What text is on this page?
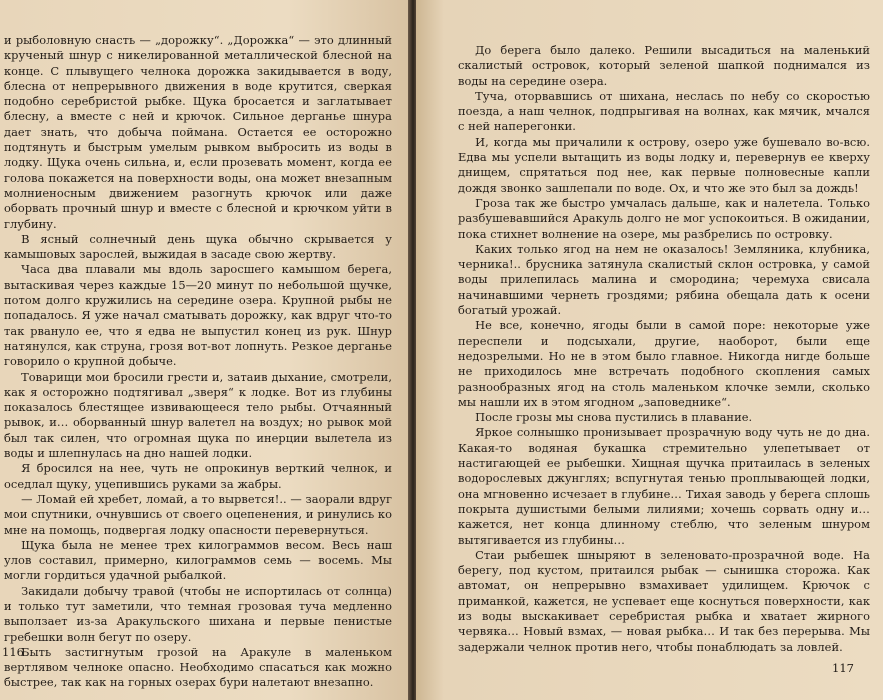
и рыболовную снасть — „дорожку“. „Дорожка“ — это длинный крученый шнур с никелированной металлической блесной на конце. С плывущего челнока дорожка закидывается в воду, блесна от непрерывного движения в воде крутится, сверкая подобно серебристой рыбке. Щука бросается и заглатывает блесну, а вместе с ней и крючок. Сильное дерганье шнура дает знать, что добыча поймана. Остается ее осторожно подтянуть и быстрым умелым рывком выбросить из воды в лодку. Щука очень сильна, и, если прозевать момент, когда ее голова покажется на поверхности воды, она может внезапным молниеносным движением разогнуть крючок или даже оборвать прочный шнур и вместе с блесной и крючком уйти в глубину.

В ясный солнечный день щука обычно скрывается у камышовых зарослей, выжидая в засаде свою жертву.

Часа два плавали мы вдоль заросшего камышом берега, вытаскивая через каждые 15—20 минут по небольшой щучке, потом долго кружились на середине озера. Крупной рыбы не попадалось. Я уже начал сматывать дорожку, как вдруг что-то так рвануло ее, что я едва не выпустил конец из рук. Шнур натянулся, как струна, грозя вот-вот лопнуть. Резкое дерганье говорило о крупной добыче.

Товарищи мои бросили грести и, затаив дыхание, смотрели, как я осторожно подтягивал „зверя“ к лодке. Вот из глубины показалось блестящее извивающееся тело рыбы. Отчаянный рывок, и… оборванный шнур валетел на воздух; но рывок мой был так силен, что огромная щука по инерции вылетела из воды и шлепнулась на дно нашей лодки.

Я бросился на нее, чуть не опрокинув верткий челнок, и оседлал щуку, уцепившись руками за жабры.

— Ломай ей хребет, ломай, а то вырвется!.. — заорали вдруг мои спутники, очнувшись от своего оцепенения, и ринулись ко мне на помощь, подвергая лодку опасности перевернуться.

Щука была не менее трех килограммов весом. Весь наш улов составил, примерно, килограммов семь — восемь. Мы могли гордиться удачной рыбалкой.

Закидали добычу травой (чтобы не испортилась от солнца) и только тут заметили, что темная грозовая туча медленно выползает из-за Аракульского шихана и первые пенистые гребешки волн бегут по озеру.

Быть застигнутым грозой на Аракуле в маленьком вертлявом челноке опасно. Необходимо спасаться как можно быстрее, так как на горных озерах бури налетают внезапно.

116

До берега было далеко. Решили высадиться на маленький скалистый островок, который зеленой шапкой поднимался из воды на середине озера.

Туча, оторвавшись от шихана, неслась по небу со скоростью поезда, а наш челнок, подпрыгивая на волнах, как мячик, мчался с ней наперегонки.

И, когда мы причалили к острову, озеро уже бушевало во-всю. Едва мы успели вытащить из воды лодку и, перевернув ее кверху днищем, спрятаться под нее, как первые полновесные капли дождя звонко зашлепали по воде. Ох, и что же это был за дождь!

Гроза так же быстро умчалась дальше, как и налетела. Только разбушевавшийся Аракуль долго не мог успокоиться. В ожидании, пока стихнет волнение на озере, мы разбрелись по островку.

Каких только ягод на нем не оказалось! Земляника, клубника, черника!.. брусника затянула скалистый склон островка, у самой воды прилепилась малина и смородина; черемуха свисала начинавшими чернеть гроздями; рябина обещала дать к осени богатый урожай.

Не все, конечно, ягоды были в самой поре: некоторые уже переспели и подсыхали, другие, наоборот, были еще недозрелыми. Но не в этом было главное. Никогда нигде больше не приходилось мне встречать подобного скопления самых разнообразных ягод на столь маленьком клочке земли, сколько мы нашли их в этом ягодном „заповеднике“.

После грозы мы снова пустились в плавание.

Яркое солнышко пронизывает прозрачную воду чуть не до дна. Какая-то водяная букашка стремительно улепетывает от настигающей ее рыбешки. Хищная щучка притаилась в зеленых водорослевых джунглях; вспугнутая тенью проплывающей лодки, она мгновенно исчезает в глубине… Тихая заводь у берега сплошь покрыта душистыми белыми лилиями; хочешь сорвать одну и… кажется, нет конца длинному стеблю, что зеленым шнуром вытягивается из глубины…

Стаи рыбешек шныряют в зеленовато-прозрачной воде. На берегу, под кустом, притаился рыбак — сынишка сторожа. Как автомат, он непрерывно взмахивает удилищем. Крючок с приманкой, кажется, не успевает еще коснуться поверхности, как из воды выскакивает серебристая рыбка и хватает жирного червяка… Новый взмах, — новая рыбка… И так без перерыва. Мы задержали челнок против него, чтобы понаблюдать за ловлей.

117
